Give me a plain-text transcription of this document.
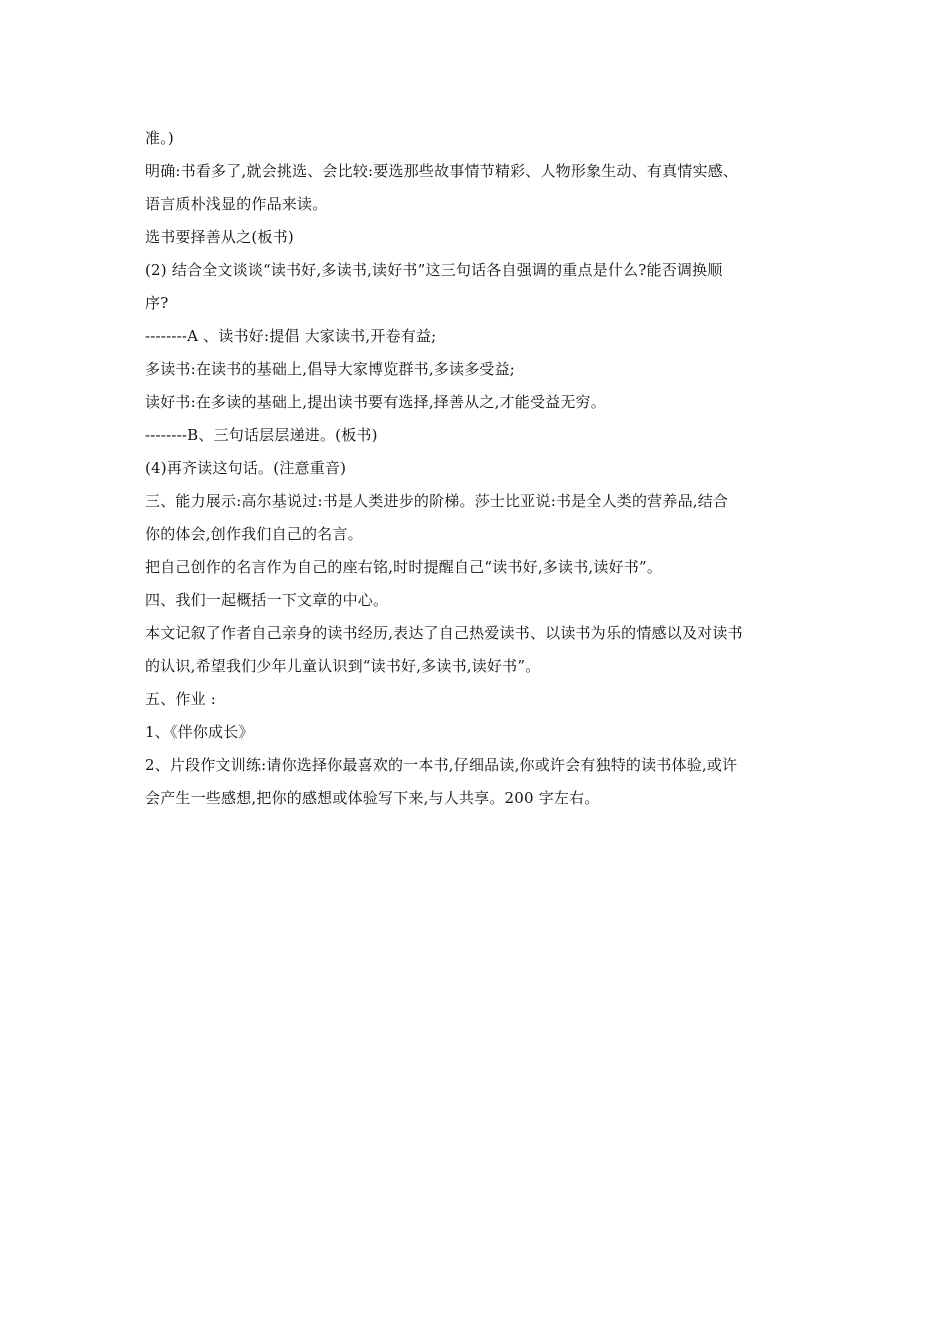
准。)
明确:书看多了,就会挑选、会比较:要选那些故事情节精彩、人物形象生动、有真情实感、
语言质朴浅显的作品来读。
选书要择善从之(板书)
(2) 结合全文谈谈“读书好,多读书,读好书”这三句话各自强调的重点是什么?能否调换顺
序?
--------A 、读书好:提倡 大家读书,开卷有益;
多读书:在读书的基础上,倡导大家博览群书,多读多受益;
读好书:在多读的基础上,提出读书要有选择,择善从之,才能受益无穷。
--------B、三句话层层递进。(板书)
(4)再齐读这句话。(注意重音)
三、能力展示:高尔基说过:书是人类进步的阶梯。莎士比亚说:书是全人类的营养品,结合
你的体会,创作我们自己的名言。
把自己创作的名言作为自己的座右铭,时时提醒自己“读书好,多读书,读好书”。
四、我们一起概括一下文章的中心。
本文记叙了作者自己亲身的读书经历,表达了自己热爱读书、以读书为乐的情感以及对读书
的认识,希望我们少年儿童认识到“读书好,多读书,读好书”。
五、作业 :
1、《伴你成长》
2、片段作文训练:请你选择你最喜欢的一本书,仔细品读,你或许会有独特的读书体验,或许
会产生一些感想,把你的感想或体验写下来,与人共享。200 字左右。
